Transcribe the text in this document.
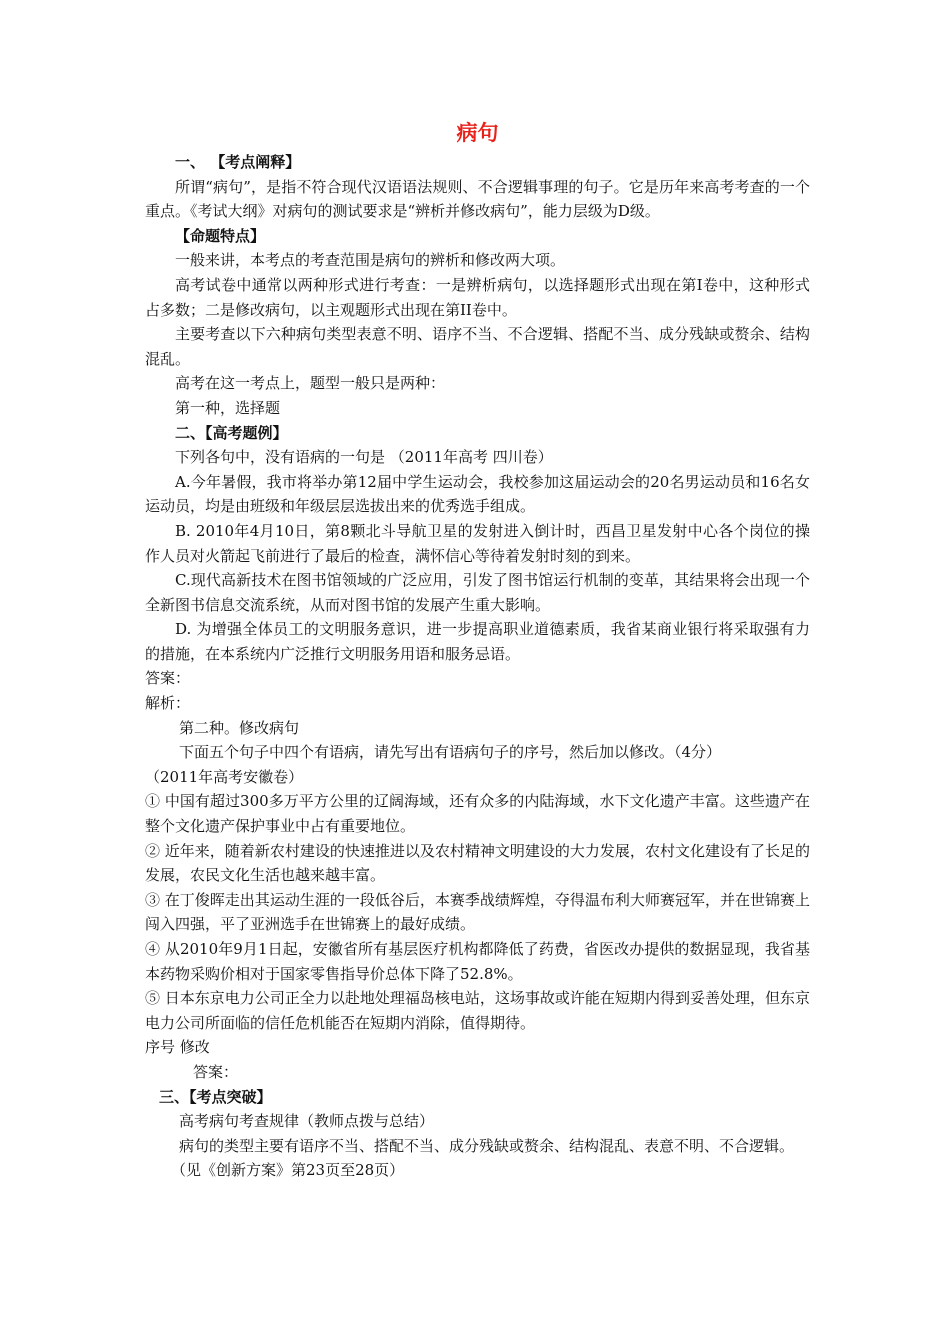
病句

一、 【考点阐释】

所谓“病句”，是指不符合现代汉语语法规则、不合逻辑事理的句子。它是历年来高考考查的一个重点。《考试大纲》对病句的测试要求是“辨析并修改病句”，能力层级为D级。

【命题特点】

一般来讲，本考点的考查范围是病句的辨析和修改两大项。

高考试卷中通常以两种形式进行考查：一是辨析病句，以选择题形式出现在第I卷中，这种形式占多数；二是修改病句，以主观题形式出现在第II卷中。

主要考查以下六种病句类型表意不明、语序不当、不合逻辑、搭配不当、成分残缺或赘余、结构混乱。

高考在这一考点上，题型一般只是两种：

第一种，选择题

二、【高考题例】

下列各句中，没有语病的一句是 （2011年高考 四川卷）

A.今年暑假，我市将举办第12届中学生运动会，我校参加这届运动会的20名男运动员和16名女运动员，均是由班级和年级层层选拔出来的优秀选手组成。

B. 2010年4月10日，第8颗北斗导航卫星的发射进入倒计时，西昌卫星发射中心各个岗位的操作人员对火箭起飞前进行了最后的检查，满怀信心等待着发射时刻的到来。

C.现代高新技术在图书馆领域的广泛应用，引发了图书馆运行机制的变革，其结果将会出现一个全新图书信息交流系统，从而对图书馆的发展产生重大影响。

D. 为增强全体员工的文明服务意识，进一步提高职业道德素质，我省某商业银行将采取强有力的措施，在本系统内广泛推行文明服务用语和服务忌语。

答案：

解析：

第二种。修改病句

下面五个句子中四个有语病，请先写出有语病句子的序号，然后加以修改。（4分）

（2011年高考安徽卷）

① 中国有超过300多万平方公里的辽阔海域，还有众多的内陆海域，水下文化遗产丰富。这些遗产在整个文化遗产保护事业中占有重要地位。

② 近年来，随着新农村建设的快速推进以及农村精神文明建设的大力发展，农村文化建设有了长足的发展，农民文化生活也越来越丰富。

③ 在丁俊晖走出其运动生涯的一段低谷后，本赛季战绩辉煌，夺得温布利大师赛冠军，并在世锦赛上闯入四强，平了亚洲选手在世锦赛上的最好成绩。

④ 从2010年9月1日起，安徽省所有基层医疗机构都降低了药费，省医改办提供的数据显现，我省基本药物采购价相对于国家零售指导价总体下降了52.8%。

⑤ 日本东京电力公司正全力以赴地处理福岛核电站，这场事故或许能在短期内得到妥善处理，但东京电力公司所面临的信任危机能否在短期内消除，值得期待。

序号 修改

答案：

三、【考点突破】

高考病句考查规律（教师点拨与总结）

病句的类型主要有语序不当、搭配不当、成分残缺或赘余、结构混乱、表意不明、不合逻辑。

（见《创新方案》第23页至28页）
